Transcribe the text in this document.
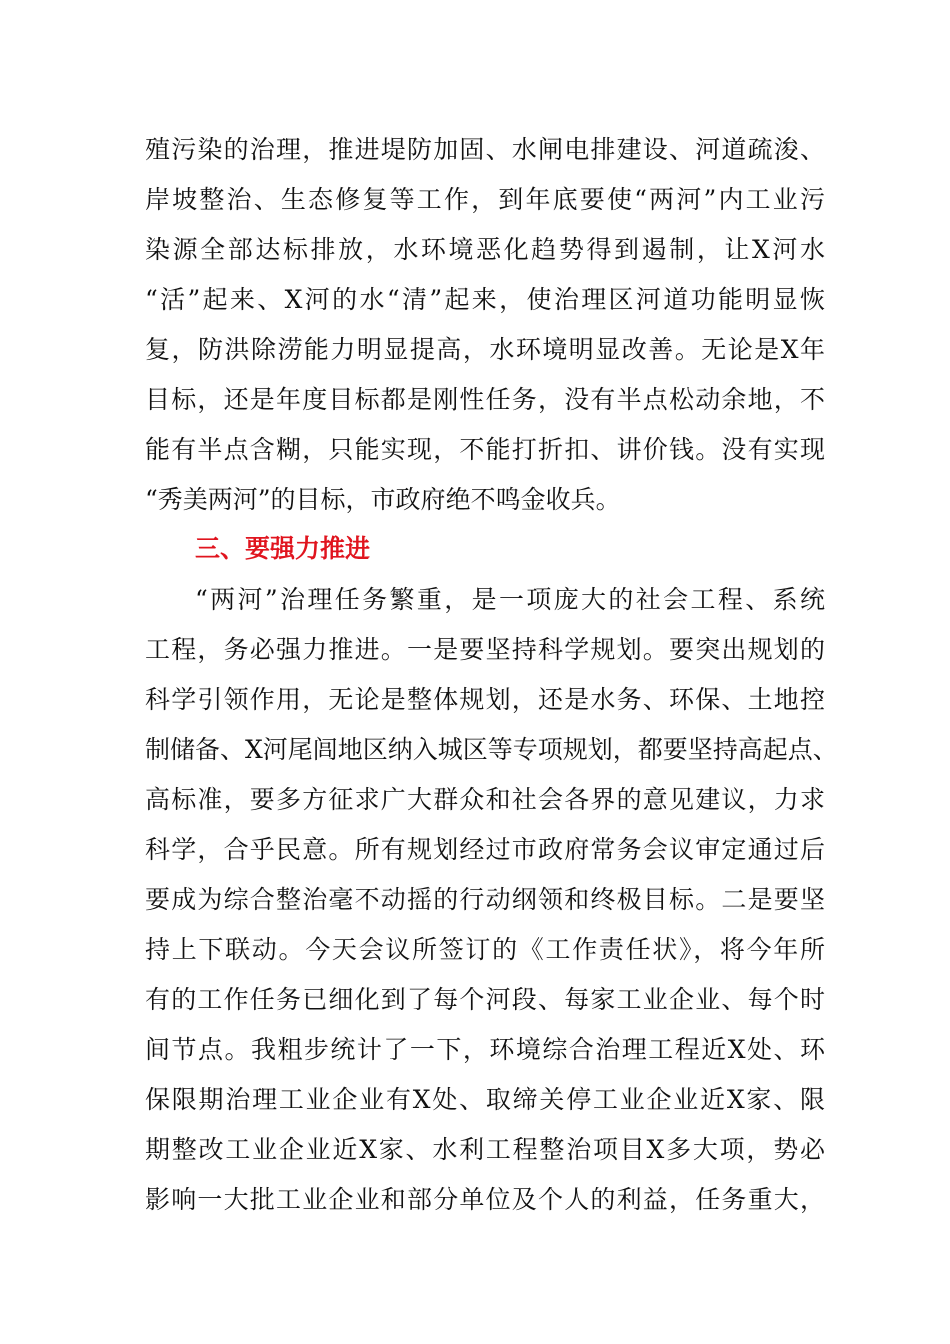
殖污染的治理，推进堤防加固、水闸电排建设、河道疏浚、
岸坡整治、生态修复等工作，到年底要使“两河”内工业污
染源全部达标排放，水环境恶化趋势得到遏制，让X河水
“活”起来、X河的水“清”起来，使治理区河道功能明显恢
复，防洪除涝能力明显提高，水环境明显改善。无论是X年
目标，还是年度目标都是刚性任务，没有半点松动余地，不
能有半点含糊，只能实现，不能打折扣、讲价钱。没有实现
“秀美两河”的目标，市政府绝不鸣金收兵。
三、要强力推进
“两河”治理任务繁重，是一项庞大的社会工程、系统
工程，务必强力推进。一是要坚持科学规划。要突出规划的
科学引领作用，无论是整体规划，还是水务、环保、土地控
制储备、X河尾闾地区纳入城区等专项规划，都要坚持高起点、
高标准，要多方征求广大群众和社会各界的意见建议，力求
科学，合乎民意。所有规划经过市政府常务会议审定通过后
要成为综合整治毫不动摇的行动纲领和终极目标。二是要坚
持上下联动。今天会议所签订的《工作责任状》，将今年所
有的工作任务已细化到了每个河段、每家工业企业、每个时
间节点。我粗步统计了一下，环境综合治理工程近X处、环
保限期治理工业企业有X处、取缔关停工业企业近X家、限
期整改工业企业近X家、水利工程整治项目X多大项，势必
影响一大批工业企业和部分单位及个人的利益，任务重大，
